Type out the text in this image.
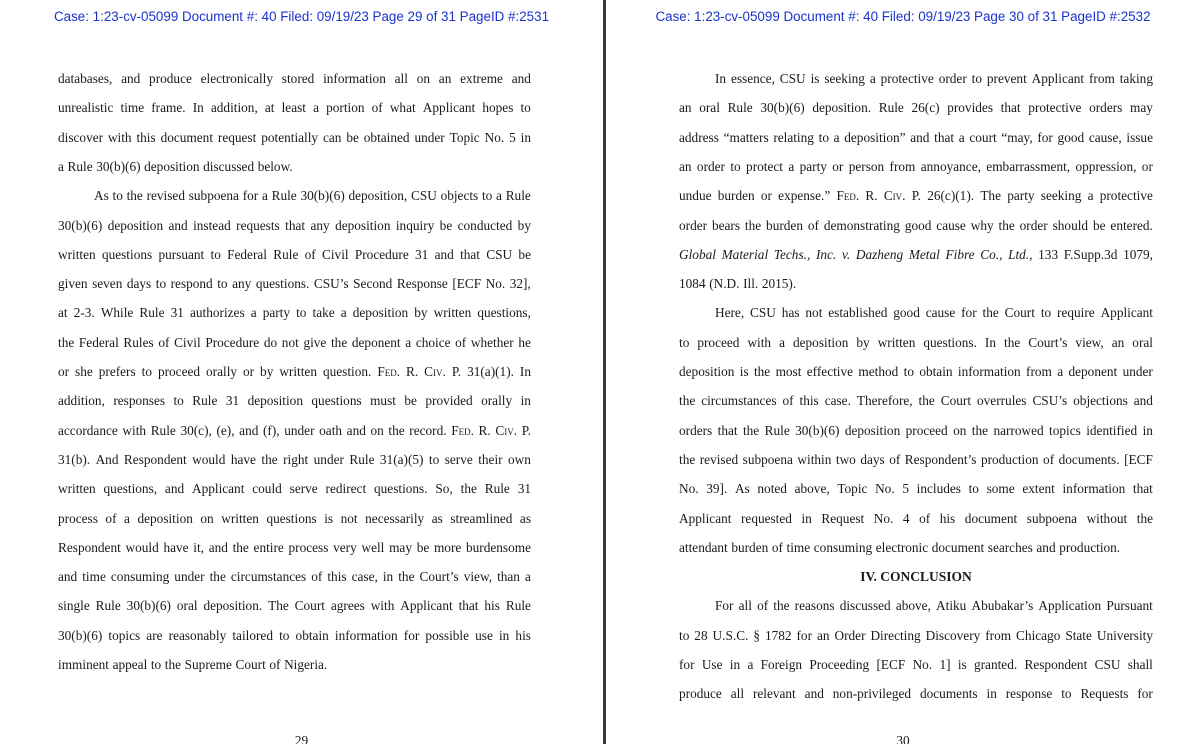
Case: 1:23-cv-05099 Document #: 40 Filed: 09/19/23 Page 29 of 31 PageID #:2531
databases, and produce electronically stored information all on an extreme and
unrealistic time frame. In addition, at least a portion of what Applicant hopes to
discover with this document request potentially can be obtained under Topic No. 5 in
a Rule 30(b)(6) deposition discussed below.
As to the revised subpoena for a Rule 30(b)(6) deposition, CSU objects to a Rule
30(b)(6) deposition and instead requests that any deposition inquiry be conducted by
written questions pursuant to Federal Rule of Civil Procedure 31 and that CSU be
given seven days to respond to any questions. CSU’s Second Response [ECF No. 32],
at 2-3. While Rule 31 authorizes a party to take a deposition by written questions,
the Federal Rules of Civil Procedure do not give the deponent a choice of whether he
or she prefers to proceed orally or by written question. Fed. R. Civ. P. 31(a)(1). In
addition, responses to Rule 31 deposition questions must be provided orally in
accordance with Rule 30(c), (e), and (f), under oath and on the record. Fed. R. Civ. P.
31(b). And Respondent would have the right under Rule 31(a)(5) to serve their own
written questions, and Applicant could serve redirect questions. So, the Rule 31
process of a deposition on written questions is not necessarily as streamlined as
Respondent would have it, and the entire process very well may be more burdensome
and time consuming under the circumstances of this case, in the Court’s view, than a
single Rule 30(b)(6) oral deposition. The Court agrees with Applicant that his Rule
30(b)(6) topics are reasonably tailored to obtain information for possible use in his
imminent appeal to the Supreme Court of Nigeria.
29
Case: 1:23-cv-05099 Document #: 40 Filed: 09/19/23 Page 30 of 31 PageID #:2532
In essence, CSU is seeking a protective order to prevent Applicant from taking
an oral Rule 30(b)(6) deposition. Rule 26(c) provides that protective orders may
address “matters relating to a deposition” and that a court “may, for good cause, issue
an order to protect a party or person from annoyance, embarrassment, oppression, or
undue burden or expense.” Fed. R. Civ. P. 26(c)(1). The party seeking a protective
order bears the burden of demonstrating good cause why the order should be entered.
Global Material Techs., Inc. v. Dazheng Metal Fibre Co., Ltd., 133 F.Supp.3d 1079,
1084 (N.D. Ill. 2015).
Here, CSU has not established good cause for the Court to require Applicant
to proceed with a deposition by written questions. In the Court’s view, an oral
deposition is the most effective method to obtain information from a deponent under
the circumstances of this case. Therefore, the Court overrules CSU’s objections and
orders that the Rule 30(b)(6) deposition proceed on the narrowed topics identified in
the revised subpoena within two days of Respondent’s production of documents. [ECF
No. 39]. As noted above, Topic No. 5 includes to some extent information that
Applicant requested in Request No. 4 of his document subpoena without the
attendant burden of time consuming electronic document searches and production.
IV. CONCLUSION
For all of the reasons discussed above, Atiku Abubakar’s Application Pursuant
to 28 U.S.C. § 1782 for an Order Directing Discovery from Chicago State University
for Use in a Foreign Proceeding [ECF No. 1] is granted. Respondent CSU shall
produce all relevant and non-privileged documents in response to Requests for
30
